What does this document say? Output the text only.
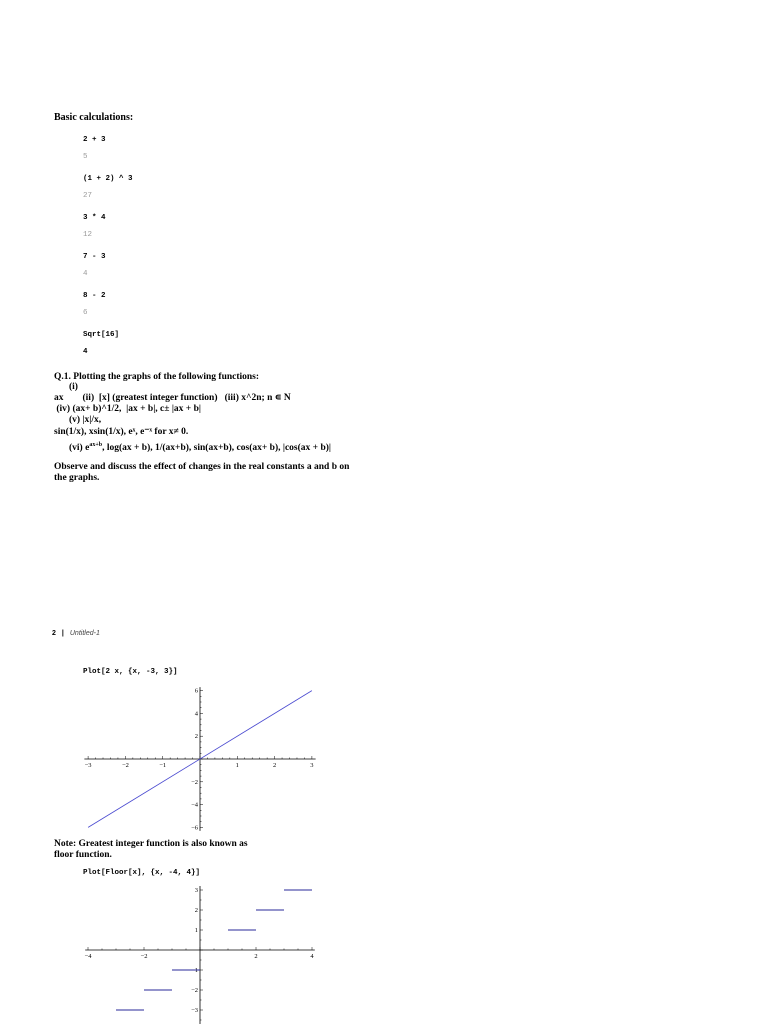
Basic calculations:
2 + 3
5
(1 + 2) ^ 3
27
3 * 4
12
7 - 3
4
8 - 2
6
Sqrt[16]
4
Q.1. Plotting the graphs of the following functions:
(i)
ax        (ii)  [x] (greatest integer function)   (iii) x^2n; n ∊ N
(iv) (ax+ b)^1/2,  |ax + b|, c± |ax + b|
(v) |x|/x,
sin(1/x), xsin(1/x), eˣ, e⁻ˣ for x≠ 0.
(vi) $e^{ax+b}$, log(ax + b), 1/(ax+b), sin(ax+b), cos(ax+ b), |cos(ax + b)|
Observe and discuss the effect of changes in the real constants a and b on
the graphs.
2 | Untitled-1
Plot[2 x, {x, -3, 3}]
−3	−2	−1	1	2	3
6
4
2
−2
−4
−6
Note: Greatest integer function is also known as
floor function.
Plot[Floor[x], {x, -4, 4}]
−4	−2	2	4
3
2
1
−1
−2
−3
